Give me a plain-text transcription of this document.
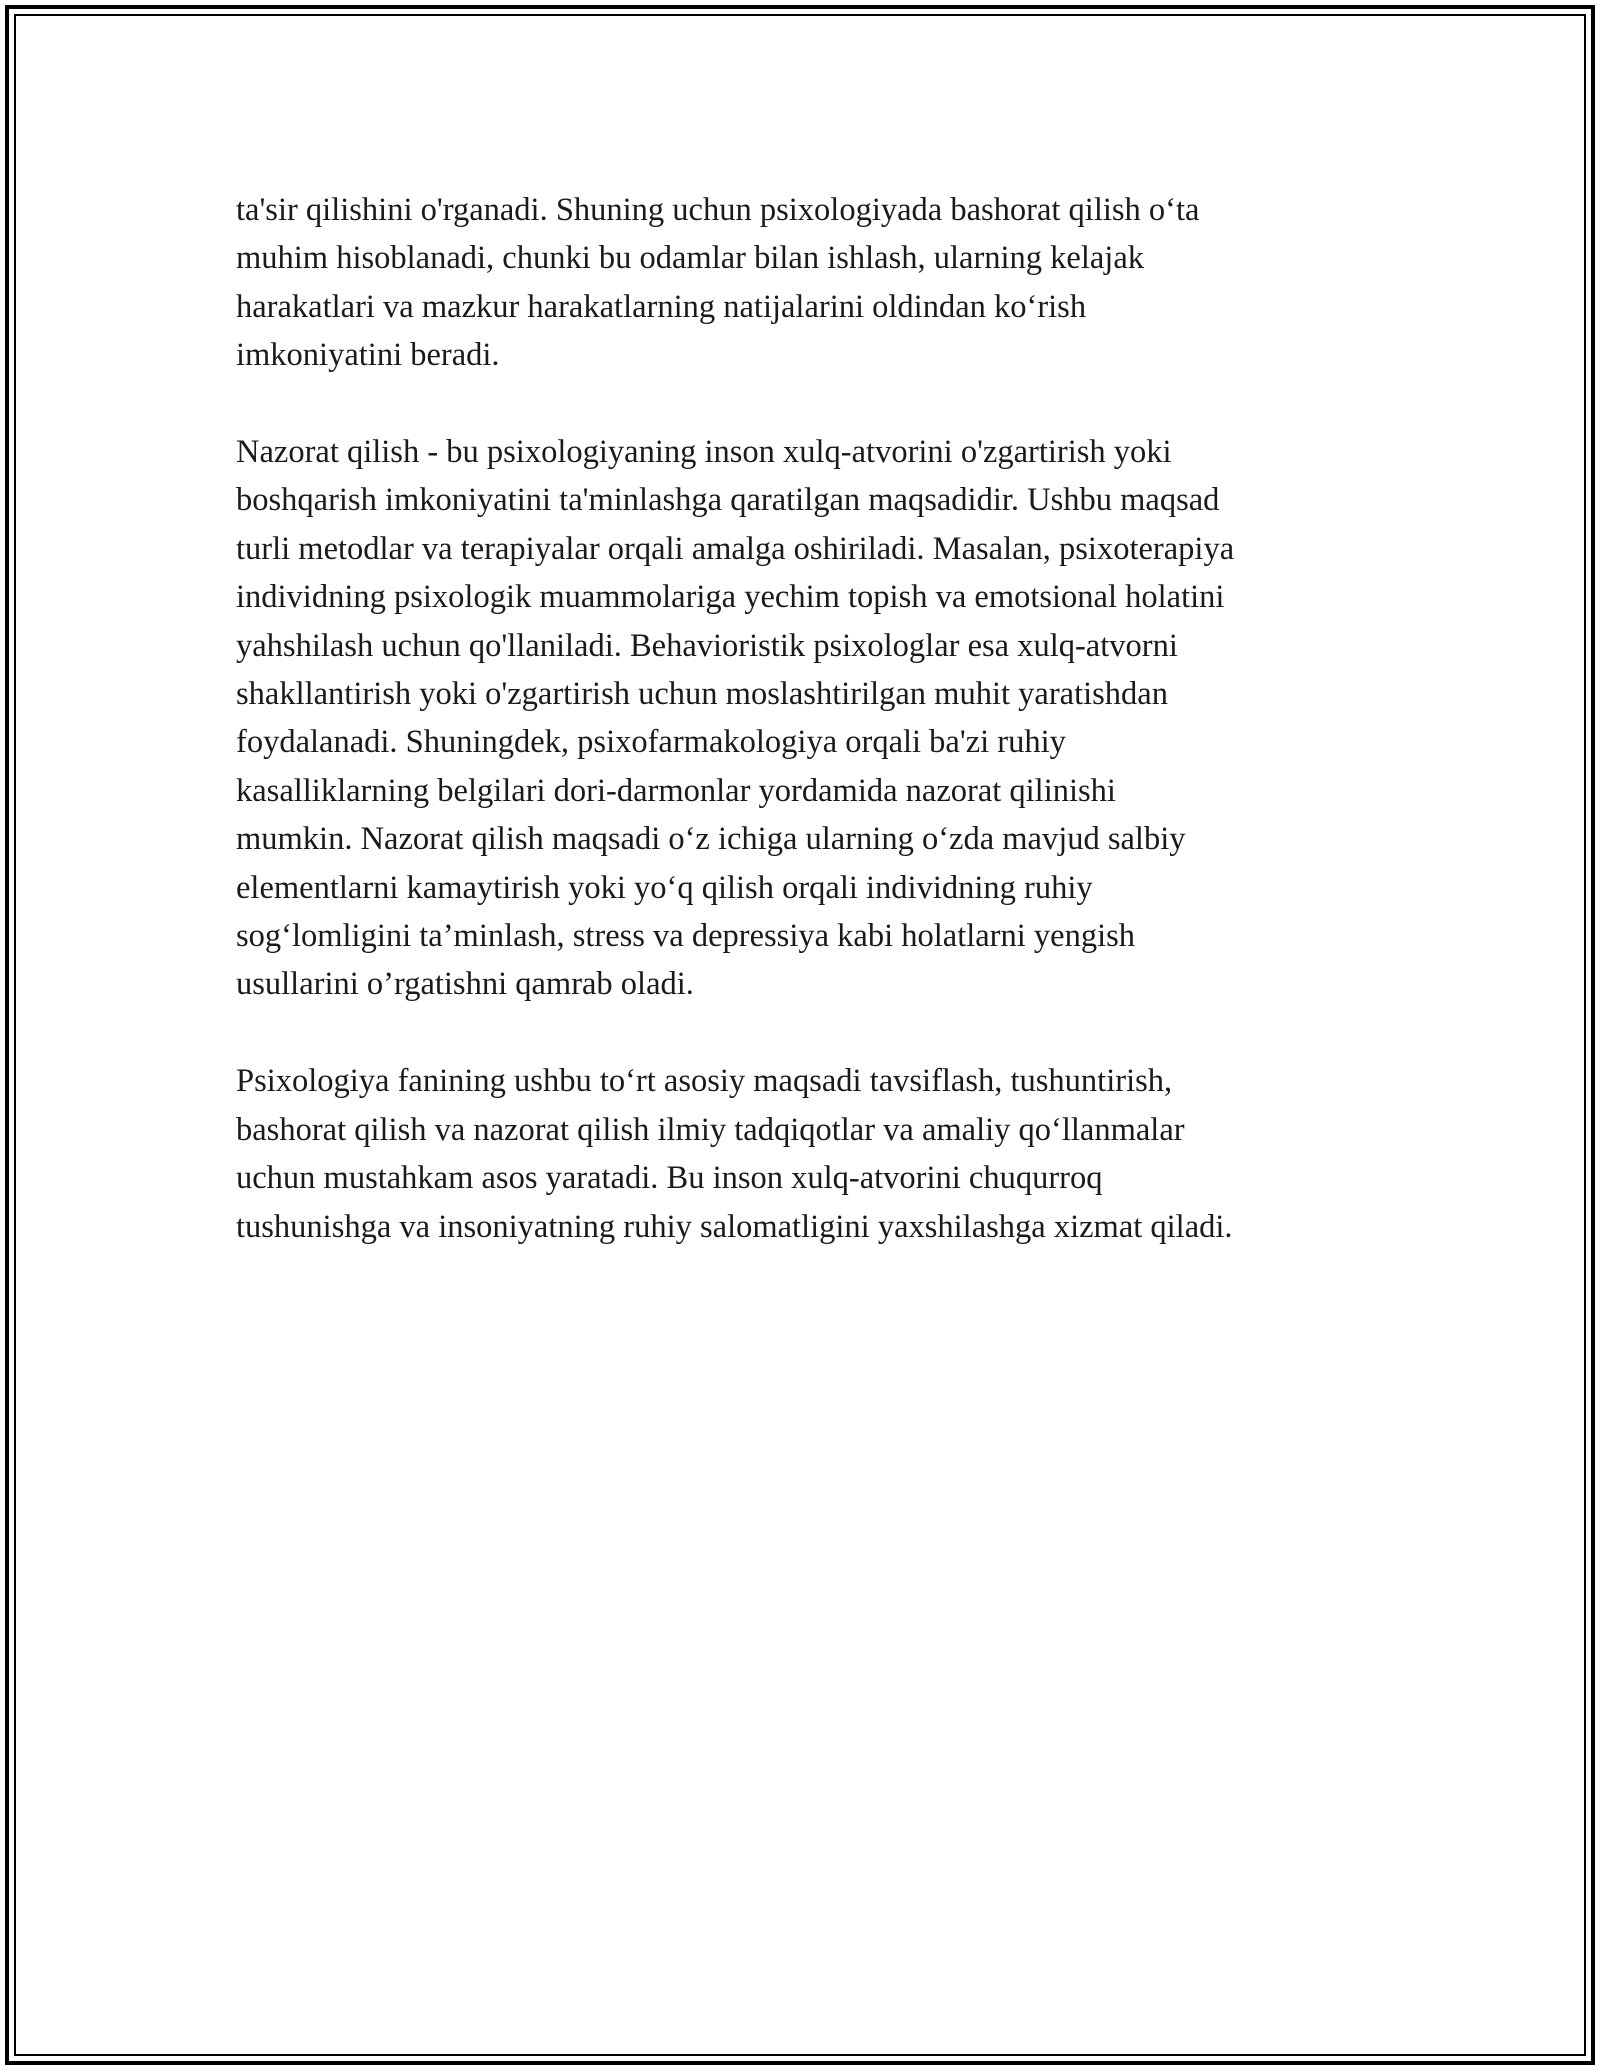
ta'sir qilishini o'rganadi. Shuning uchun psixologiyada bashorat qilish o‘ta
muhim hisoblanadi, chunki bu odamlar bilan ishlash, ularning kelajak
harakatlari va mazkur harakatlarning natijalarini oldindan ko‘rish
imkoniyatini beradi.

Nazorat qilish - bu psixologiyaning inson xulq-atvorini o'zgartirish yoki
boshqarish imkoniyatini ta'minlashga qaratilgan maqsadidir. Ushbu maqsad
turli metodlar va terapiyalar orqali amalga oshiriladi. Masalan, psixoterapiya
individning psixologik muammolariga yechim topish va emotsional holatini
yahshilash uchun qo'llaniladi. Behavioristik psixologlar esa xulq-atvorni
shakllantirish yoki o'zgartirish uchun moslashtirilgan muhit yaratishdan
foydalanadi. Shuningdek, psixofarmakologiya orqali ba'zi ruhiy
kasalliklarning belgilari dori-darmonlar yordamida nazorat qilinishi
mumkin. Nazorat qilish maqsadi o‘z ichiga ularning o‘zda mavjud salbiy
elementlarni kamaytirish yoki yo‘q qilish orqali individning ruhiy
sog‘lomligini ta’minlash, stress va depressiya kabi holatlarni yengish
usullarini o’rgatishni qamrab oladi.

Psixologiya fanining ushbu to‘rt asosiy maqsadi tavsiflash, tushuntirish,
bashorat qilish va nazorat qilish ilmiy tadqiqotlar va amaliy qo‘llanmalar
uchun mustahkam asos yaratadi. Bu inson xulq-atvorini chuqurroq
tushunishga va insoniyatning ruhiy salomatligini yaxshilashga xizmat qiladi.
